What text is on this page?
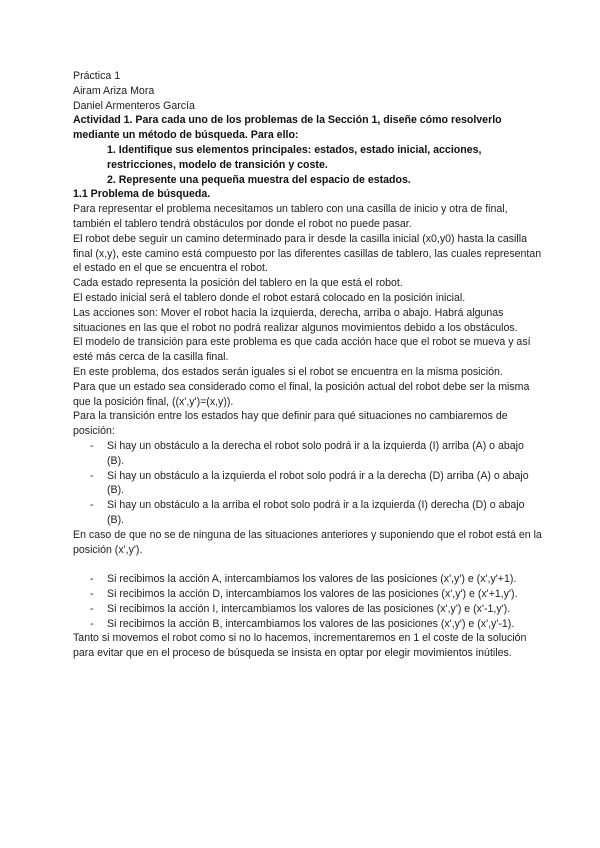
Práctica 1

Airam Ariza Mora

Daniel Armenteros García

Actividad 1. Para cada uno de los problemas de la Sección 1, diseñe cómo resolverlo mediante un método de búsqueda. Para ello:

1. Identifique sus elementos principales: estados, estado inicial, acciones, restricciones, modelo de transición y coste.

2. Represente una pequeña muestra del espacio de estados.

1.1 Problema de búsqueda.

Para representar el problema necesitamos un tablero con una casilla de inicio y otra de final, también el tablero tendrá obstáculos por donde el robot no puede pasar.

El robot debe seguir un camino determinado para ir desde la casilla inicial (x0,y0) hasta la casilla final (x,y), este camino está compuesto por las diferentes casillas de tablero, las cuales representan el estado en el que se encuentra el robot.

Cada estado representa la posición del tablero en la que está el robot.

El estado inicial será el tablero donde el robot estará colocado en la posición inicial.

Las acciones son: Mover el robot hacia la izquierda, derecha, arriba o abajo. Habrá algunas situaciones en las que el robot no podrá realizar algunos movimientos debido a los obstáculos.

El modelo de transición para este problema es que cada acción hace que el robot se mueva y así esté más cerca de la casilla final.

En este problema, dos estados serán iguales si el robot se encuentra en la misma posición.

Para que un estado sea considerado como el final, la posición actual del robot debe ser la misma que la posición final, ((x',y')=(x,y)).

Para la transición entre los estados hay que definir para qué situaciones no cambiaremos de posición:

- Si hay un obstáculo a la derecha el robot solo podrá ir a la izquierda (I) arriba (A) o abajo (B).
- Si hay un obstáculo a la izquierda el robot solo podrá ir a la derecha (D) arriba (A) o abajo (B).
- Si hay un obstáculo a la arriba el robot solo podrá ir a la izquierda (I) derecha (D) o abajo (B).

En caso de que no se de ninguna de las situaciones anteriores y suponiendo que el robot está en la posición (x',y').

- Si recibimos la acción A, intercambiamos los valores de las posiciones (x',y') e (x',y'+1).
- Si recibimos la acción D, intercambiamos los valores de las posiciones (x',y') e (x'+1,y').
- Si recibimos la acción I, intercambiamos los valores de las posiciones (x',y') e (x'-1,y').
- Si recibimos la acción B, intercambiamos los valores de las posiciones (x',y') e (x',y'-1).

Tanto si movemos el robot como si no lo hacemos, incrementaremos en 1 el coste de la solución para evitar que en el proceso de búsqueda se insista en optar por elegir movimientos inútiles.
